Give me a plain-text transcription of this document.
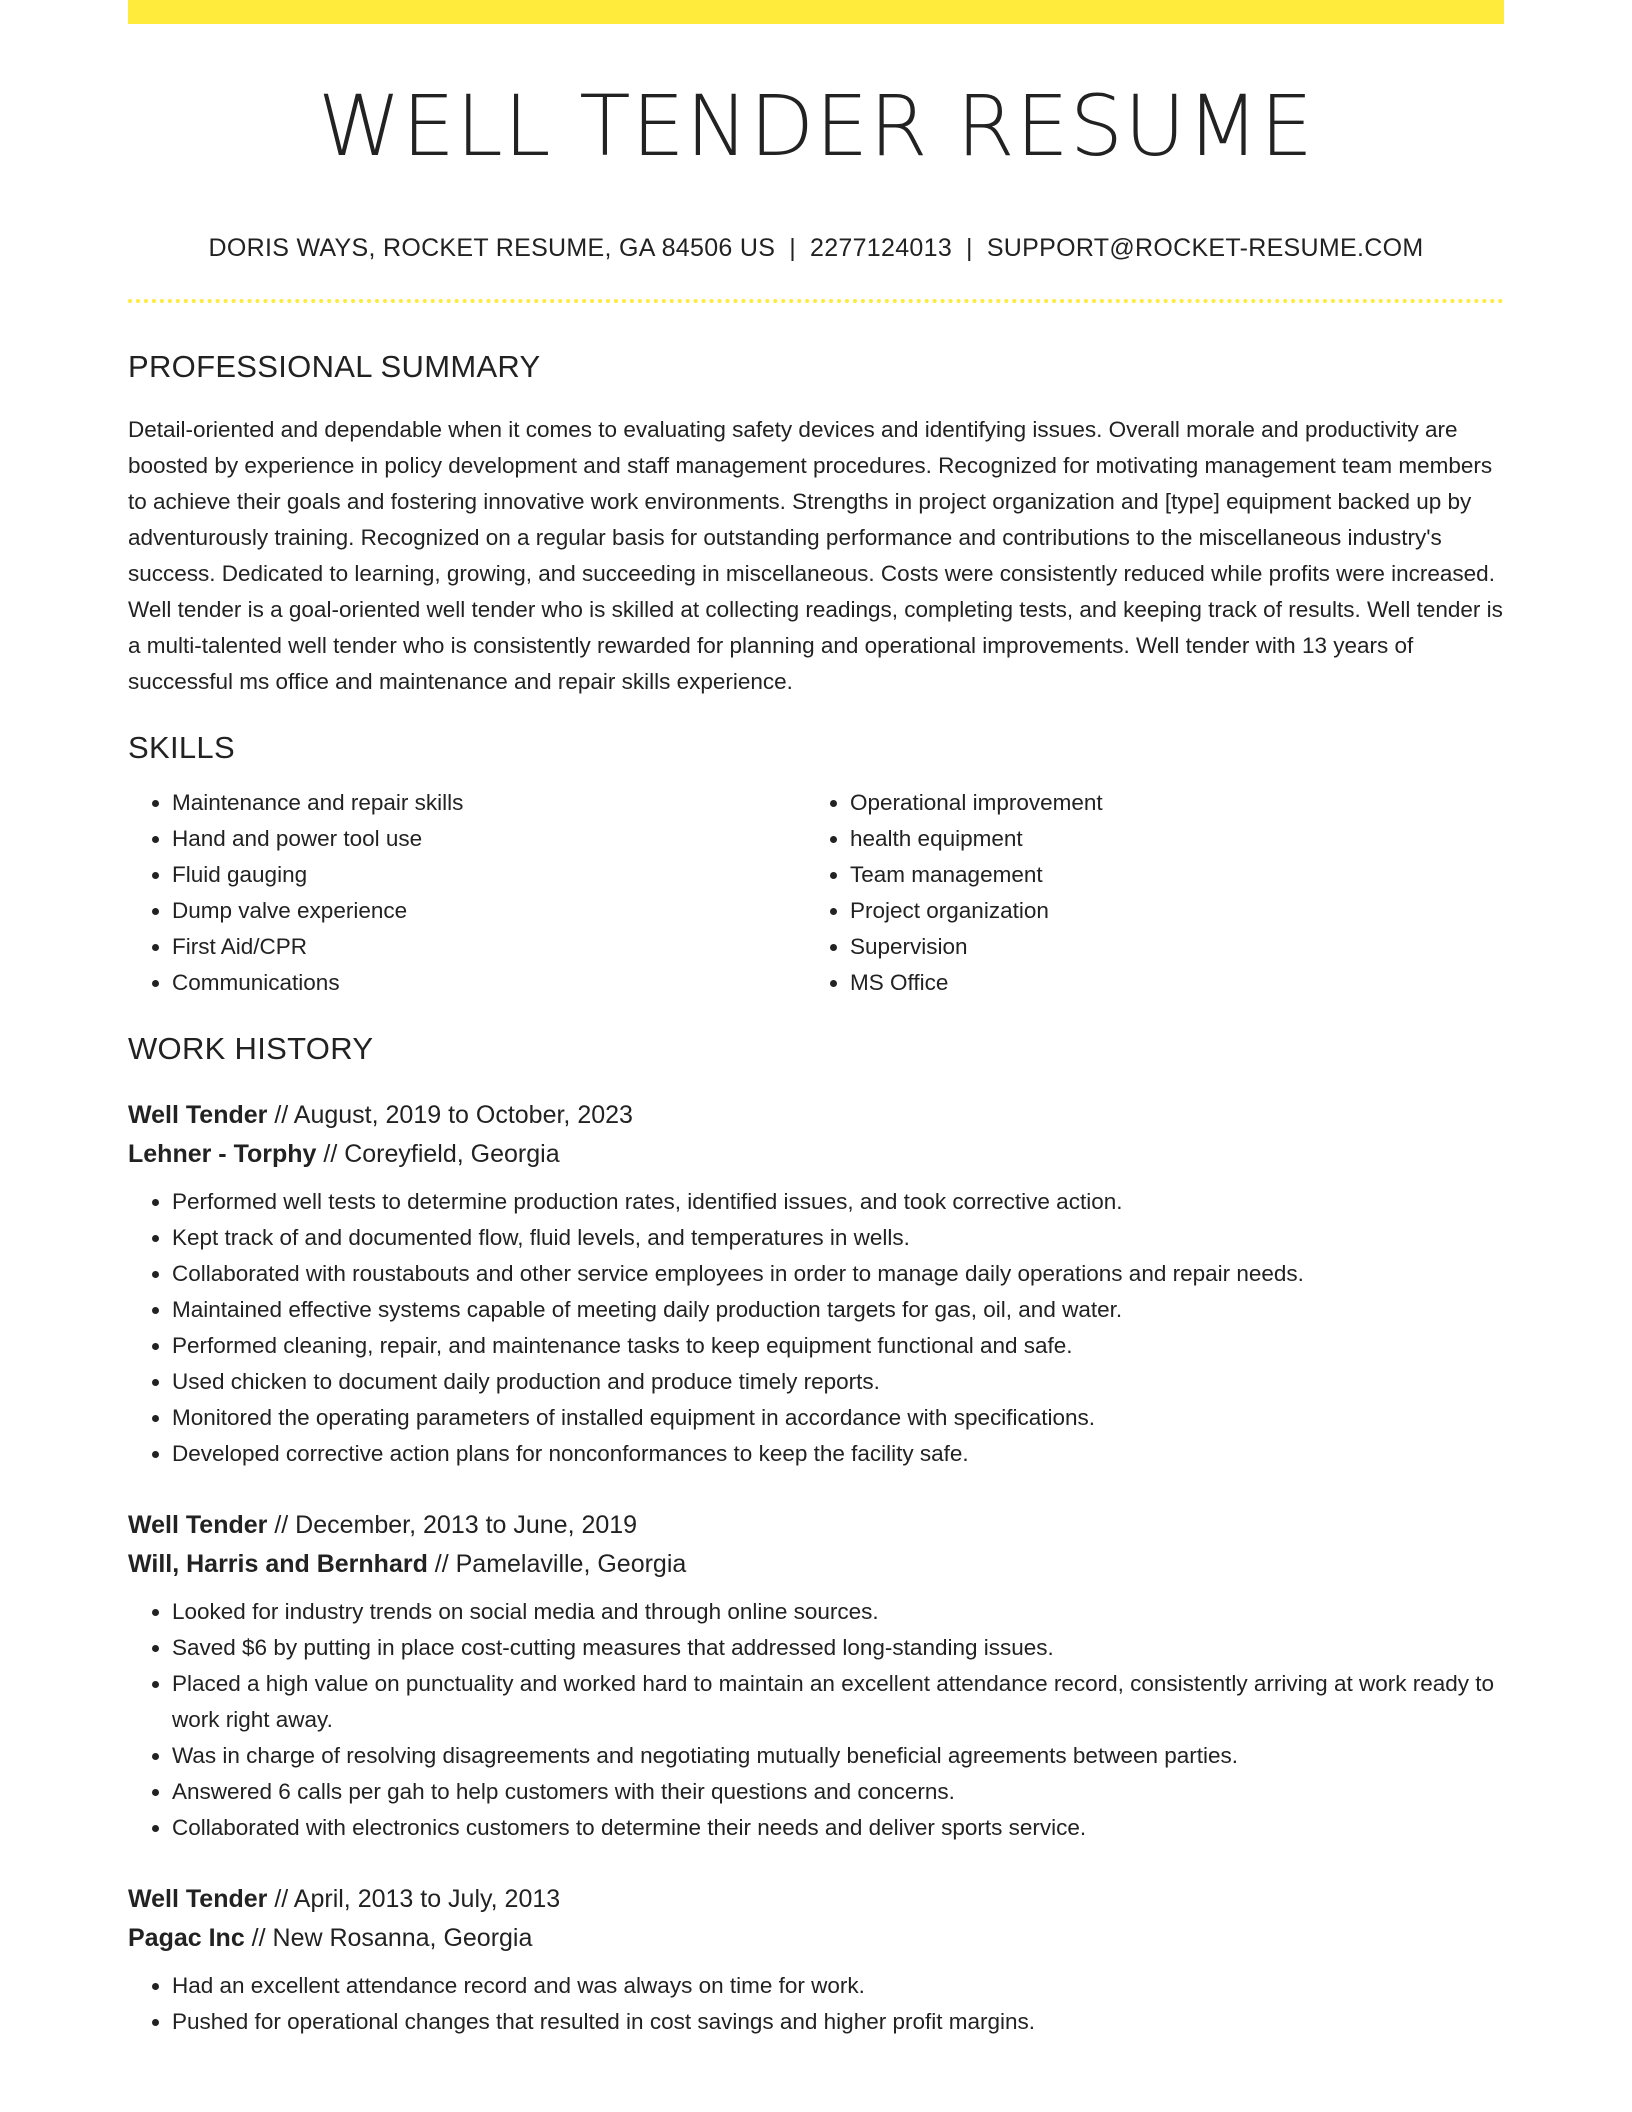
WELL TENDER RESUME
DORIS WAYS, ROCKET RESUME, GA 84506 US | 2277124013 | SUPPORT@ROCKET-RESUME.COM
PROFESSIONAL SUMMARY

Detail-oriented and dependable when it comes to evaluating safety devices and identifying issues. Overall morale and productivity are boosted by experience in policy development and staff management procedures. Recognized for motivating management team members to achieve their goals and fostering innovative work environments. Strengths in project organization and [type] equipment backed up by adventurously training. Recognized on a regular basis for outstanding performance and contributions to the miscellaneous industry's success. Dedicated to learning, growing, and succeeding in miscellaneous. Costs were consistently reduced while profits were increased. Well tender is a goal-oriented well tender who is skilled at collecting readings, completing tests, and keeping track of results. Well tender is a multi-talented well tender who is consistently rewarded for planning and operational improvements. Well tender with 13 years of successful ms office and maintenance and repair skills experience.

SKILLS
• Maintenance and repair skills
• Hand and power tool use
• Fluid gauging
• Dump valve experience
• First Aid/CPR
• Communications
• Operational improvement
• health equipment
• Team management
• Project organization
• Supervision
• MS Office
WORK HISTORY
Well Tender // August, 2019 to October, 2023
Lehner - Torphy // Coreyfield, Georgia
• Performed well tests to determine production rates, identified issues, and took corrective action.
• Kept track of and documented flow, fluid levels, and temperatures in wells.
• Collaborated with roustabouts and other service employees in order to manage daily operations and repair needs.
• Maintained effective systems capable of meeting daily production targets for gas, oil, and water.
• Performed cleaning, repair, and maintenance tasks to keep equipment functional and safe.
• Used chicken to document daily production and produce timely reports.
• Monitored the operating parameters of installed equipment in accordance with specifications.
• Developed corrective action plans for nonconformances to keep the facility safe.
Well Tender // December, 2013 to June, 2019
Will, Harris and Bernhard // Pamelaville, Georgia
• Looked for industry trends on social media and through online sources.
• Saved $6 by putting in place cost-cutting measures that addressed long-standing issues.
• Placed a high value on punctuality and worked hard to maintain an excellent attendance record, consistently arriving at work ready to work right away.
• Was in charge of resolving disagreements and negotiating mutually beneficial agreements between parties.
• Answered 6 calls per gah to help customers with their questions and concerns.
• Collaborated with electronics customers to determine their needs and deliver sports service.
Well Tender // April, 2013 to July, 2013
Pagac Inc // New Rosanna, Georgia
• Had an excellent attendance record and was always on time for work.
• Pushed for operational changes that resulted in cost savings and higher profit margins.
